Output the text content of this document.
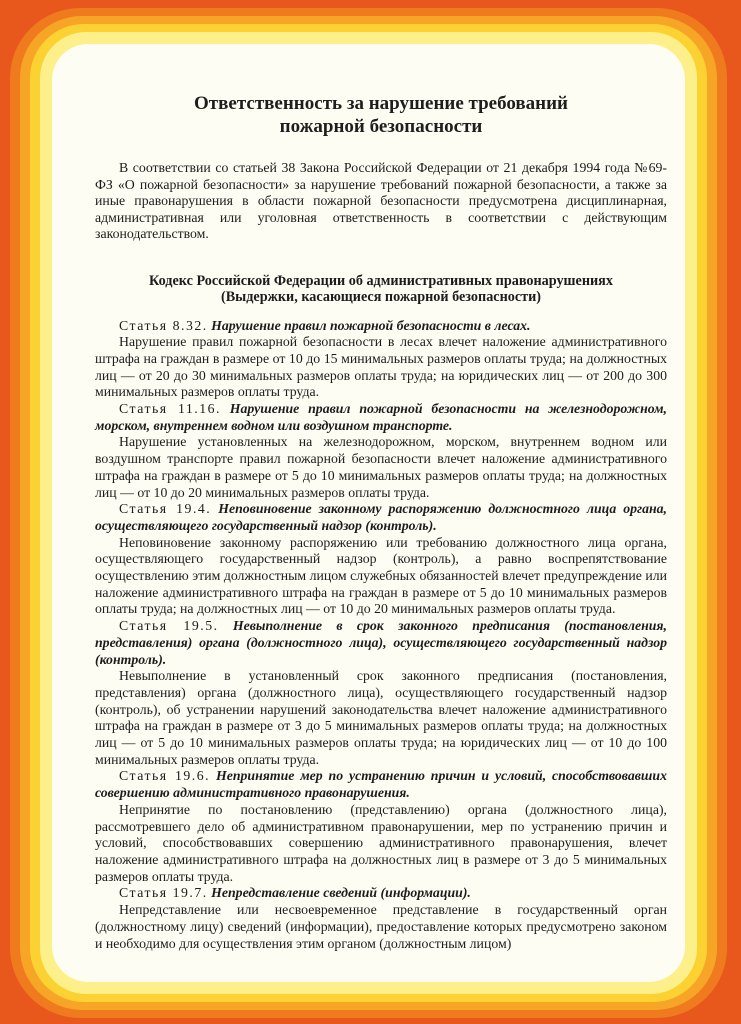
Ответственность за нарушение требований
пожарной безопасности

В соответствии со статьей 38 Закона Российской Федерации от 21 декабря 1994 года №69-ФЗ «О пожарной безопасности» за нарушение требований пожарной безопасности, а также за иные правонарушения в области пожарной безопасности предусмотрена дисциплинарная, административная или уголовная ответственность в соответствии с действующим законодательством.

Кодекс Российской Федерации об административных правонарушениях
(Выдержки, касающиеся пожарной безопасности)

Статья 8.32. Нарушение правил пожарной безопасности в лесах.

Нарушение правил пожарной безопасности в лесах влечет наложение административного штрафа на граждан в размере от 10 до 15 минимальных размеров оплаты труда; на должностных лиц — от 20 до 30 минимальных размеров оплаты труда; на юридических лиц — от 200 до 300 минимальных размеров оплаты труда.

Статья 11.16. Нарушение правил пожарной безопасности на железнодорожном, морском, внутреннем водном или воздушном транспорте.

Нарушение установленных на железнодорожном, морском, внутреннем водном или воздушном транспорте правил пожарной безопасности влечет наложение административного штрафа на граждан в размере от 5 до 10 минимальных размеров оплаты труда; на должностных лиц — от 10 до 20 минимальных размеров оплаты труда.

Статья 19.4. Неповиновение законному распоряжению должностного лица органа, осуществляющего государственный надзор (контроль).

Неповиновение законному распоряжению или требованию должностного лица органа, осуществляющего государственный надзор (контроль), а равно воспрепятствование осуществлению этим должностным лицом служебных обязанностей влечет предупреждение или наложение административного штрафа на граждан в размере от 5 до 10 минимальных размеров оплаты труда; на должностных лиц — от 10 до 20 минимальных размеров оплаты труда.

Статья 19.5. Невыполнение в срок законного предписания (постановления, представления) органа (должностного лица), осуществляющего государственный надзор (контроль).

Невыполнение в установленный срок законного предписания (постановления, представления) органа (должностного лица), осуществляющего государственный надзор (контроль), об устранении нарушений законодательства влечет наложение административного штрафа на граждан в размере от 3 до 5 минимальных размеров оплаты труда; на должностных лиц — от 5 до 10 минимальных размеров оплаты труда; на юридических лиц — от 10 до 100 минимальных размеров оплаты труда.

Статья 19.6. Непринятие мер по устранению причин и условий, способствовавших совершению административного правонарушения.

Непринятие по постановлению (представлению) органа (должностного лица), рассмотревшего дело об административном правонарушении, мер по устранению причин и условий, способствовавших совершению административного правонарушения, влечет наложение административного штрафа на должностных лиц в размере от 3 до 5 минимальных размеров оплаты труда.

Статья 19.7. Непредставление сведений (информации).

Непредставление или несвоевременное представление в государственный орган (должностному лицу) сведений (информации), предоставление которых предусмотрено законом и необходимо для осуществления этим органом (должностным лицом)
